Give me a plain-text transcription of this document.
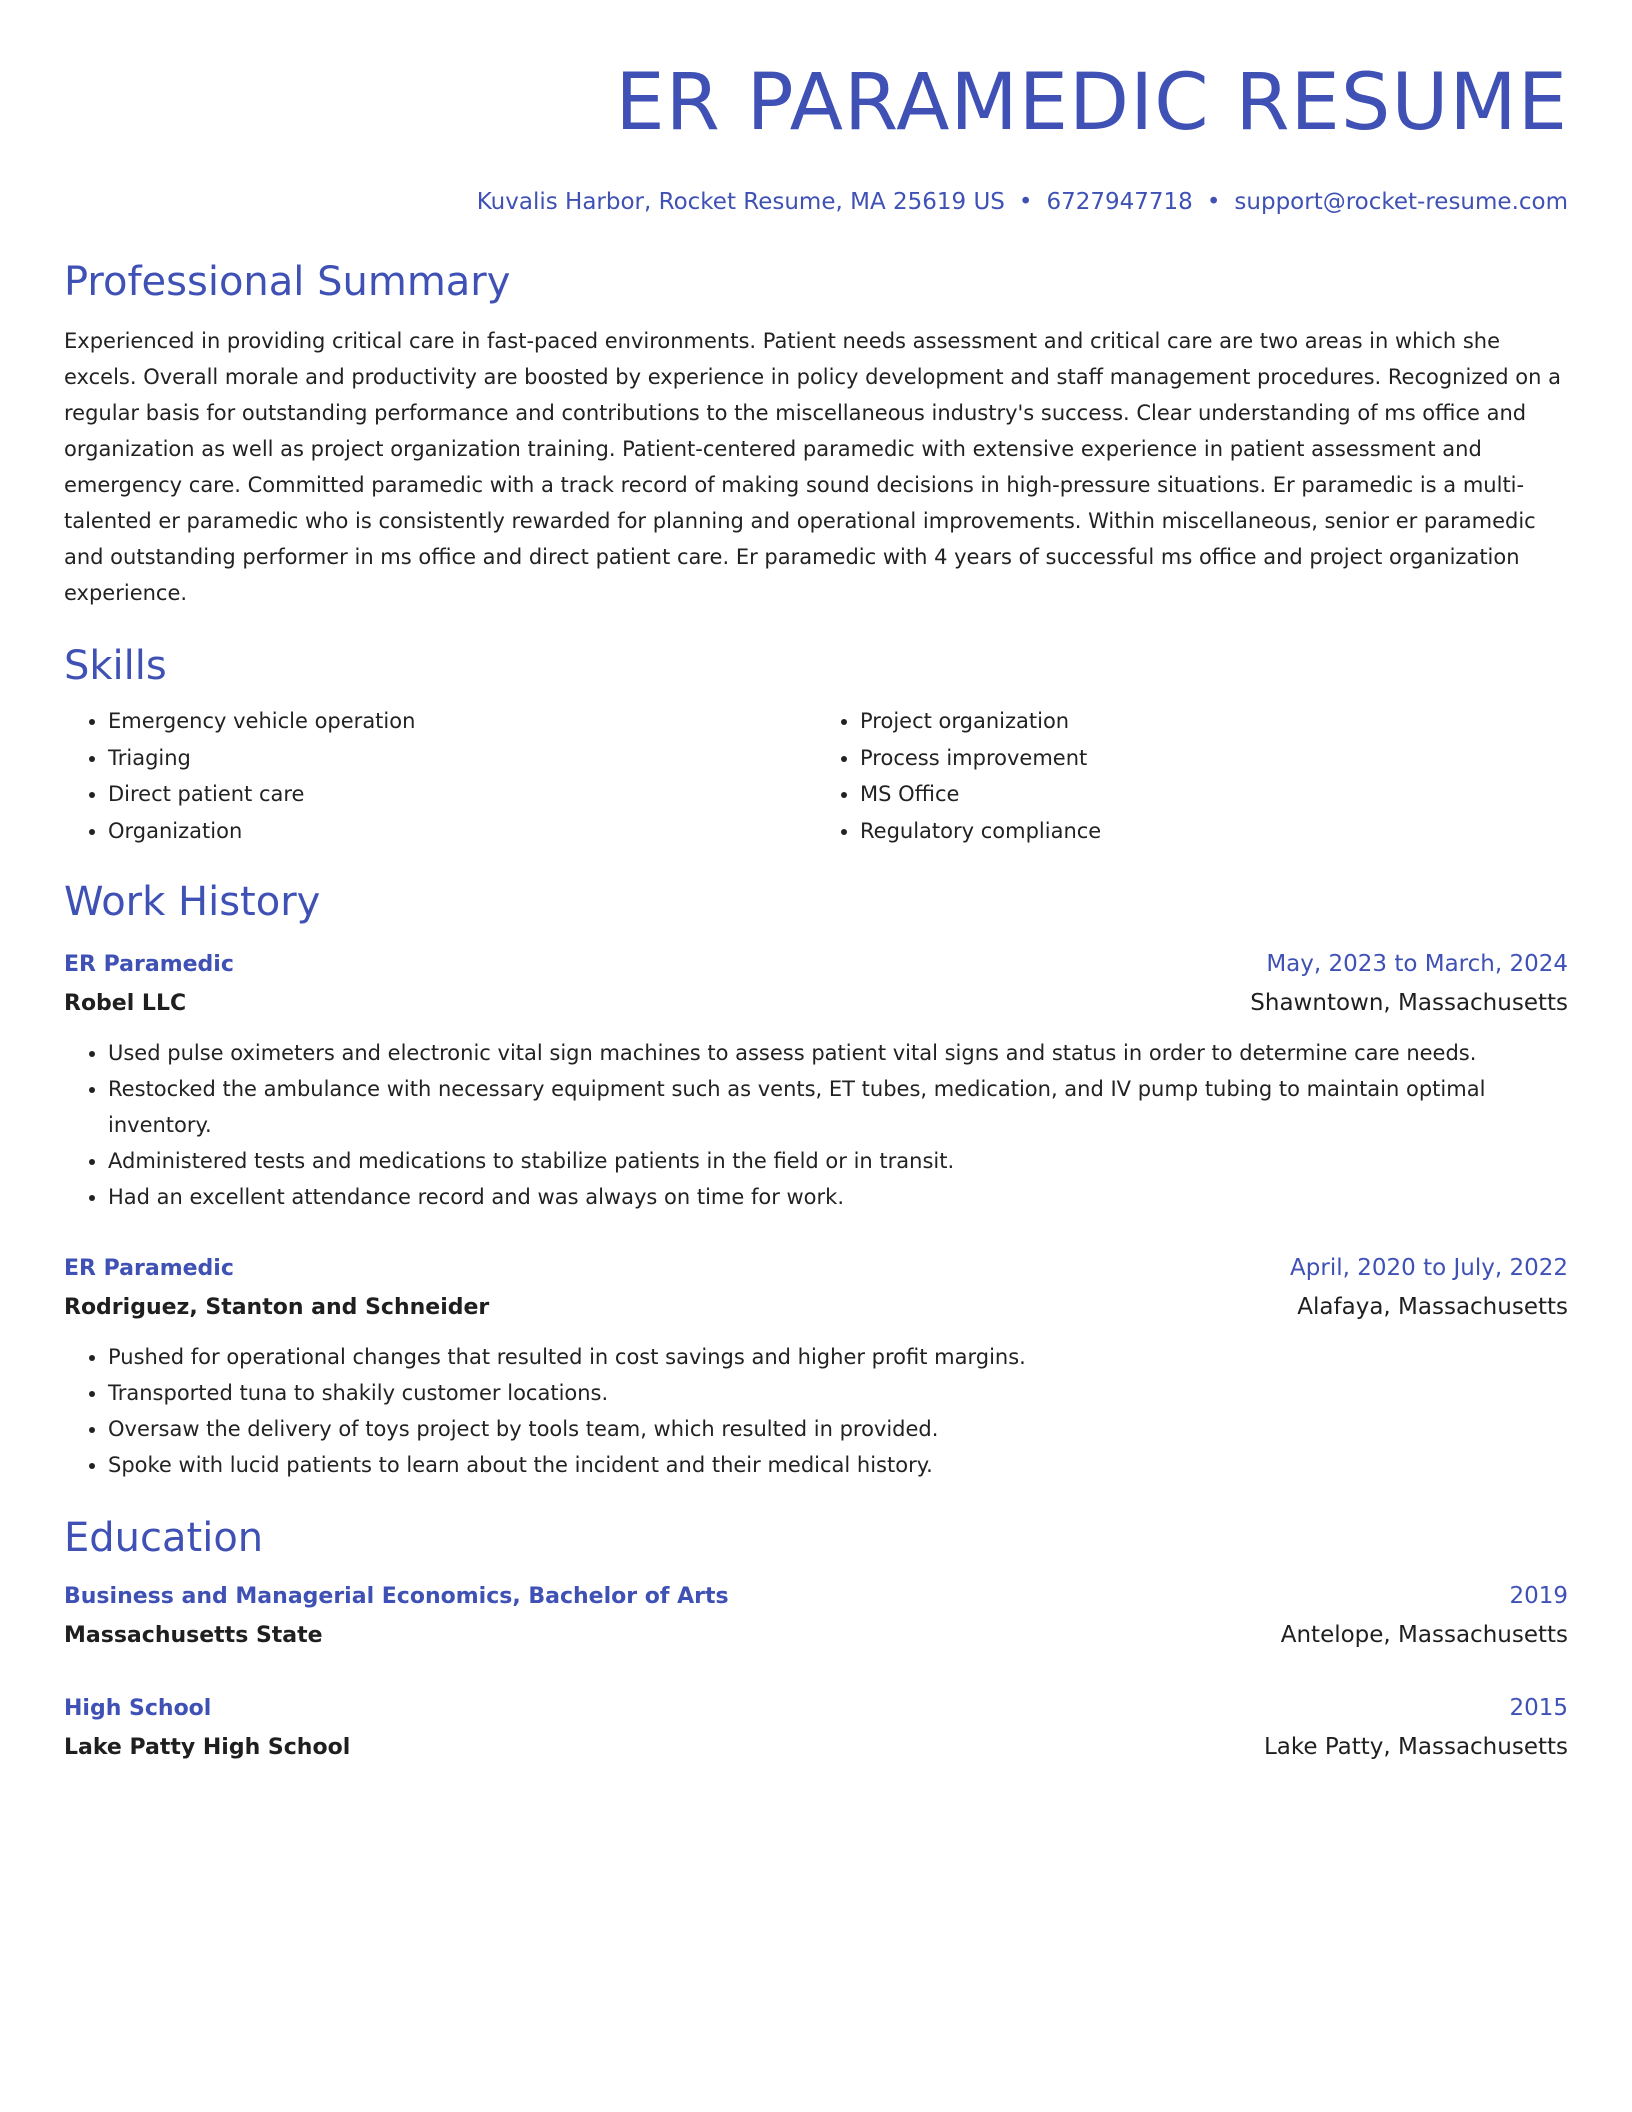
ER PARAMEDIC RESUME
Kuvalis Harbor, Rocket Resume, MA 25619 US • 6727947718 • support@rocket-resume.com
Professional Summary

Experienced in providing critical care in fast-paced environments. Patient needs assessment and critical care are two areas in which she excels. Overall morale and productivity are boosted by experience in policy development and staff management procedures. Recognized on a regular basis for outstanding performance and contributions to the miscellaneous industry's success. Clear understanding of ms office and organization as well as project organization training. Patient-centered paramedic with extensive experience in patient assessment and emergency care. Committed paramedic with a track record of making sound decisions in high-pressure situations. Er paramedic is a multi-talented er paramedic who is consistently rewarded for planning and operational improvements. Within miscellaneous, senior er paramedic and outstanding performer in ms office and direct patient care. Er paramedic with 4 years of successful ms office and project organization experience.

Skills
• Emergency vehicle operation
• Triaging
• Direct patient care
• Organization
• Project organization
• Process improvement
• MS Office
• Regulatory compliance
Work History
ER Paramedic	May, 2023 to March, 2024
Robel LLC	Shawntown, Massachusetts
• Used pulse oximeters and electronic vital sign machines to assess patient vital signs and status in order to determine care needs.
• Restocked the ambulance with necessary equipment such as vents, ET tubes, medication, and IV pump tubing to maintain optimal inventory.
• Administered tests and medications to stabilize patients in the field or in transit.
• Had an excellent attendance record and was always on time for work.
ER Paramedic	April, 2020 to July, 2022
Rodriguez, Stanton and Schneider	Alafaya, Massachusetts
• Pushed for operational changes that resulted in cost savings and higher profit margins.
• Transported tuna to shakily customer locations.
• Oversaw the delivery of toys project by tools team, which resulted in provided.
• Spoke with lucid patients to learn about the incident and their medical history.
Education
Business and Managerial Economics, Bachelor of Arts	2019
Massachusetts State	Antelope, Massachusetts
High School	2015
Lake Patty High School	Lake Patty, Massachusetts
